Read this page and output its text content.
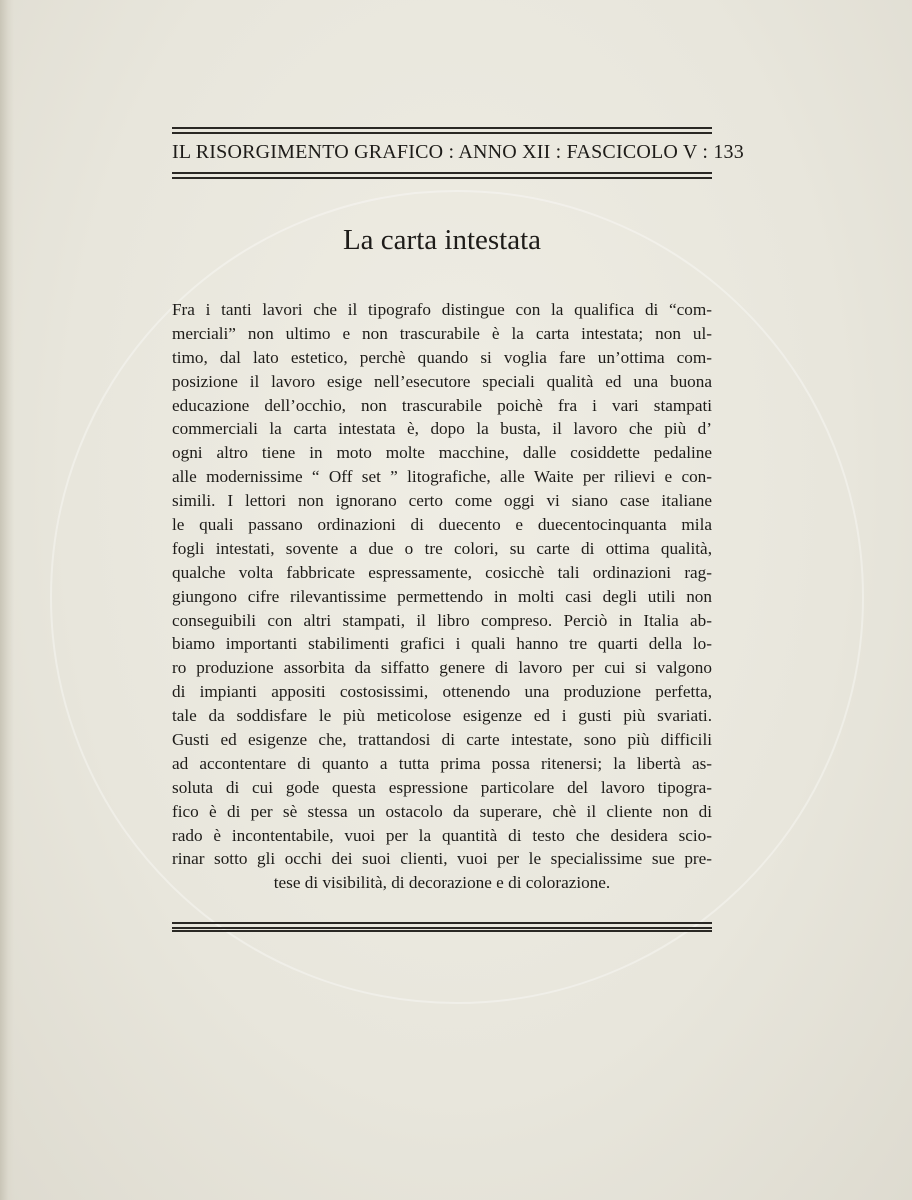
IL RISORGIMENTO GRAFICO : ANNO XII : FASCICOLO V : 133
La carta intestata
Fra i tanti lavori che il tipografo distingue con la qualifica di “com-
merciali” non ultimo e non trascurabile è la carta intestata; non ul-
timo, dal lato estetico, perchè quando si voglia fare un’ottima com-
posizione il lavoro esige nell’esecutore speciali qualità ed una buona
educazione dell’occhio, non trascurabile poichè fra i vari stampati
commerciali la carta intestata è, dopo la busta, il lavoro che più d’
ogni altro tiene in moto molte macchine, dalle cosiddette pedaline
alle modernissime “ Off set ” litografiche, alle Waite per rilievi e con-
simili. I lettori non ignorano certo come oggi vi siano case italiane
le quali passano ordinazioni di duecento e duecentocinquanta mila
fogli intestati, sovente a due o tre colori, su carte di ottima qualità,
qualche volta fabbricate espressamente, cosicchè tali ordinazioni rag-
giungono cifre rilevantissime permettendo in molti casi degli utili non
conseguibili con altri stampati, il libro compreso. Perciò in Italia ab-
biamo importanti stabilimenti grafici i quali hanno tre quarti della lo-
ro produzione assorbita da siffatto genere di lavoro per cui si valgono
di impianti appositi costosissimi, ottenendo una produzione perfetta,
tale da soddisfare le più meticolose esigenze ed i gusti più svariati.
Gusti ed esigenze che, trattandosi di carte intestate, sono più difficili
ad accontentare di quanto a tutta prima possa ritenersi; la libertà as-
soluta di cui gode questa espressione particolare del lavoro tipogra-
fico è di per sè stessa un ostacolo da superare, chè il cliente non di
rado è incontentabile, vuoi per la quantità di testo che desidera scio-
rinar sotto gli occhi dei suoi clienti, vuoi per le specialissime sue pre-
tese di visibilità, di decorazione e di colorazione.
